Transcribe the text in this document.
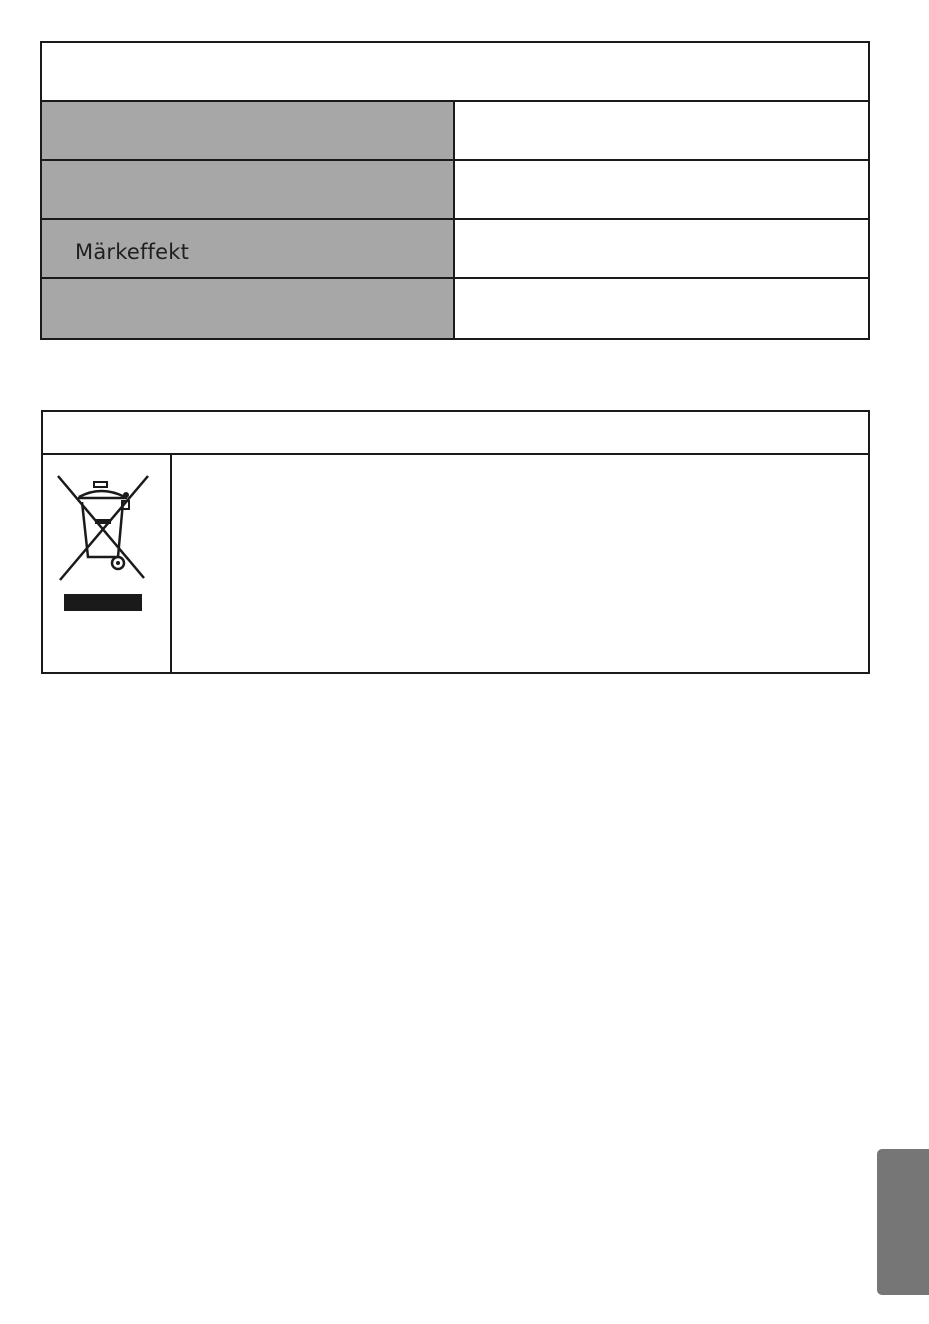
Märkeffekt
